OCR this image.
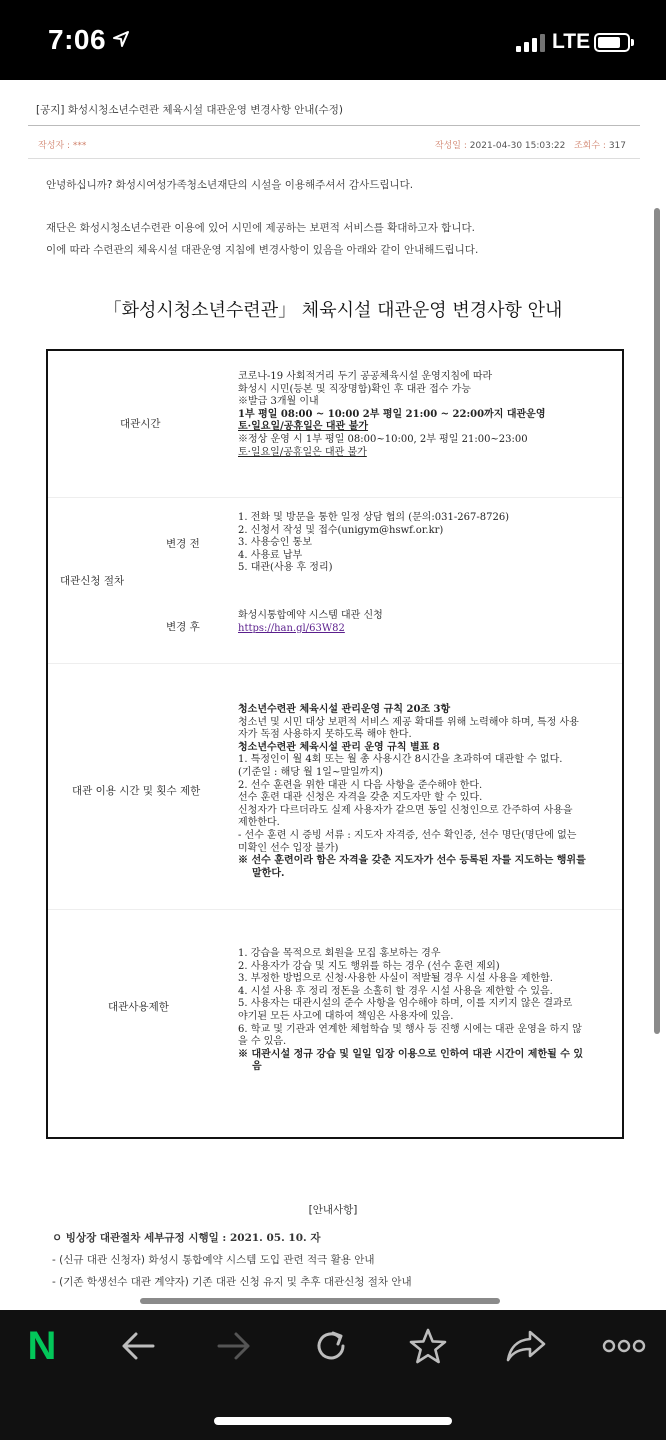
7:06	LTE
[공지] 화성시청소년수련관 체육시설 대관운영 변경사항 안내(수정)
작성자 : ***	작성일 : 2021-04-30 15:03:22 조회수 : 317
안녕하십니까? 화성시여성가족청소년재단의 시설을 이용해주셔서 감사드립니다.
재단은 화성시청소년수련관 이용에 있어 시민에 제공하는 보편적 서비스를 확대하고자 합니다.
이에 따라 수련관의 체육시설 대관운영 지침에 변경사항이 있음을 아래와 같이 안내해드립니다.
「화성시청소년수련관」 체육시설 대관운영 변경사항 안내
대관시간
코로나-19 사회적거리 두기 공공체육시설 운영지침에 따라
화성시 시민(등본 및 직장명함)확인 후 대관 접수 가능
※발급 3개월 이내
1부 평일 08:00 ~ 10:00 2부 평일 21:00 ~ 22:00까지 대관운영
토·일요일/공휴일은 대관 불가
※정상 운영 시 1부 평일 08:00~10:00, 2부 평일 21:00~23:00
토·일요일/공휴일은 대관 불가
대관신청 절차
변경 전
변경 후
1. 전화 및 방문을 통한 일정 상담 협의 (문의:031-267-8726)
2. 신청서 작성 및 접수(unigym@hswf.or.kr)
3. 사용승인 통보
4. 사용료 납부
5. 대관(사용 후 정리)
화성시통합예약 시스템 대관 신청
https://han.gl/63W82
대관 이용 시간 및 횟수 제한
청소년수련관 체육시설 관리운영 규칙 20조 3항
청소년 및 시민 대상 보편적 서비스 제공 확대를 위해 노력해야 하며, 특정 사용
자가 독점 사용하지 못하도록 해야 한다.
청소년수련관 체육시설 관리 운영 규칙 별표 8
1. 특정인이 월 4회 또는 월 총 사용시간 8시간을 초과하여 대관할 수 없다.
(기준일 : 해당 월 1일~말일까지)
2. 선수 훈련을 위한 대관 시 다음 사항을 준수해야 한다.
선수 훈련 대관 신청은 자격을 갖춘 지도자만 할 수 있다.
신청자가 다르더라도 실제 사용자가 같으면 동일 신청인으로 간주하여 사용을
제한한다.
- 선수 훈련 시 증빙 서류 : 지도자 자격증, 선수 확인증, 선수 명단(명단에 없는
미확인 선수 입장 불가)
※ 선수 훈련이라 함은 자격을 갖춘 지도자가 선수 등록된 자를 지도하는 행위를
말한다.
대관사용제한
1. 강습을 목적으로 회원을 모집 홍보하는 경우
2. 사용자가 강습 및 지도 행위를 하는 경우 (선수 훈련 제외)
3. 부정한 방법으로 신청·사용한 사실이 적발될 경우 시설 사용을 제한함.
4. 시설 사용 후 정리 정돈을 소홀히 할 경우 시설 사용을 제한할 수 있음.
5. 사용자는 대관시설의 준수 사항을 엄수해야 하며, 이를 지키지 않은 결과로
야기된 모든 사고에 대하여 책임은 사용자에 있음.
6. 학교 및 기관과 연계한 체험학습 및 행사 등 진행 시에는 대관 운영을 하지 않
을 수 있음.
※ 대관시설 정규 강습 및 일일 입장 이용으로 인하여 대관 시간이 제한될 수 있
음
[안내사항]
ㅇ 빙상장 대관절차 세부규정 시행일 : 2021. 05. 10. 자
- (신규 대관 신청자) 화성시 통합예약 시스템 도입 관련 적극 활용 안내
- (기존 학생선수 대관 계약자) 기존 대관 신청 유지 및 추후 대관신청 절차 안내
N
